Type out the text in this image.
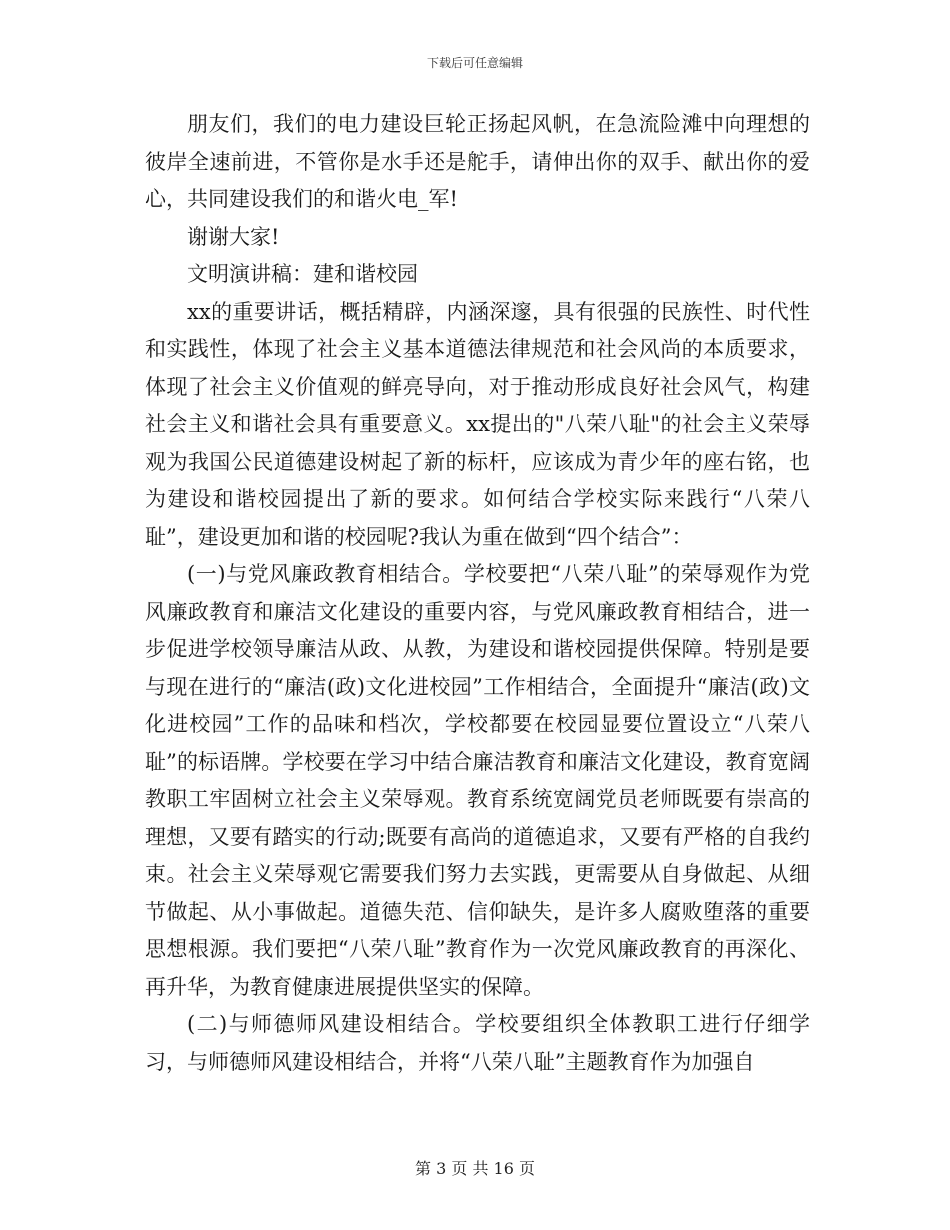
下载后可任意编辑

朋友们，我们的电力建设巨轮正扬起风帆，在急流险滩中向理想的彼岸全速前进，不管你是水手还是舵手，请伸出你的双手、献出你的爱心，共同建设我们的和谐火电_军!

谢谢大家!

文明演讲稿：建和谐校园

xx的重要讲话，概括精辟，内涵深邃，具有很强的民族性、时代性和实践性，体现了社会主义基本道德法律规范和社会风尚的本质要求，体现了社会主义价值观的鲜亮导向，对于推动形成良好社会风气，构建社会主义和谐社会具有重要意义。xx提出的"八荣八耻"的社会主义荣辱观为我国公民道德建设树起了新的标杆，应该成为青少年的座右铭，也为建设和谐校园提出了新的要求。如何结合学校实际来践行“八荣八耻”，建设更加和谐的校园呢?我认为重在做到“四个结合”：

(一)与党风廉政教育相结合。学校要把“八荣八耻”的荣辱观作为党风廉政教育和廉洁文化建设的重要内容，与党风廉政教育相结合，进一步促进学校领导廉洁从政、从教，为建设和谐校园提供保障。特别是要与现在进行的“廉洁(政)文化进校园”工作相结合，全面提升“廉洁(政)文化进校园”工作的品味和档次，学校都要在校园显要位置设立“八荣八耻”的标语牌。学校要在学习中结合廉洁教育和廉洁文化建设，教育宽阔教职工牢固树立社会主义荣辱观。教育系统宽阔党员老师既要有崇高的理想，又要有踏实的行动;既要有高尚的道德追求，又要有严格的自我约束。社会主义荣辱观它需要我们努力去实践，更需要从自身做起、从细节做起、从小事做起。道德失范、信仰缺失，是许多人腐败堕落的重要思想根源。我们要把“八荣八耻”教育作为一次党风廉政教育的再深化、再升华，为教育健康进展提供坚实的保障。

(二)与师德师风建设相结合。学校要组织全体教职工进行仔细学习，与师德师风建设相结合，并将“八荣八耻”主题教育作为加强自

第 3 页 共 16 页
